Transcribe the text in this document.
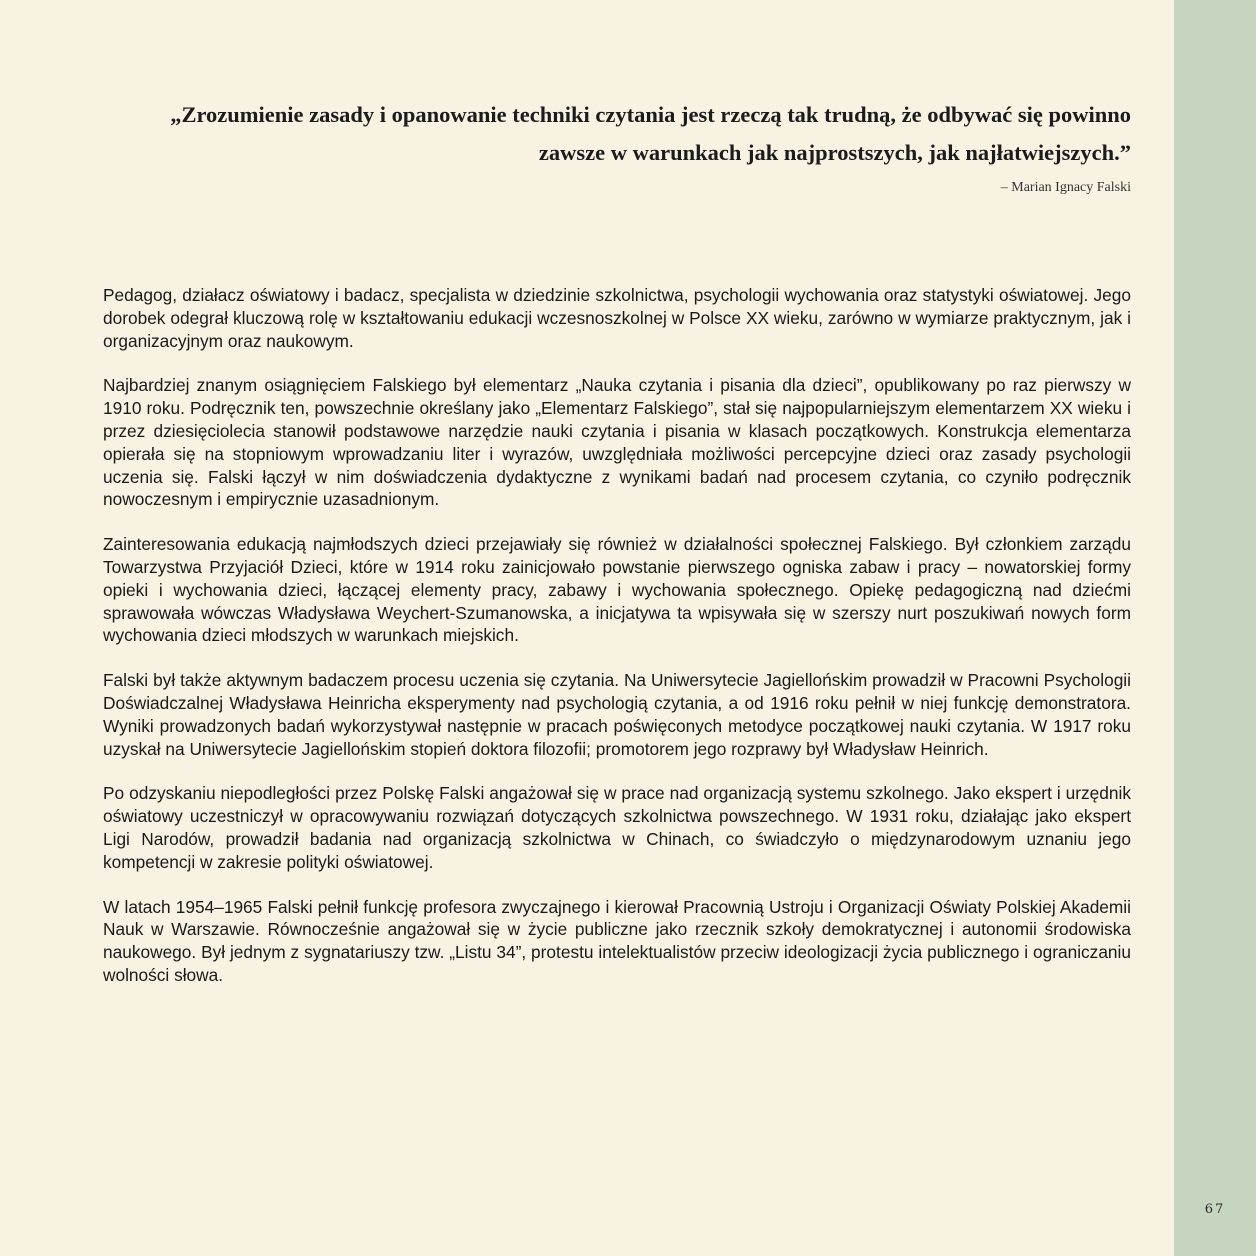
„Zrozumienie zasady i opanowanie techniki czytania jest rzeczą tak trudną, że odbywać się powinno zawsze w warunkach jak najprostszych, jak najłatwiejszych.”

– Marian Ignacy Falski

Pedagog, działacz oświatowy i badacz, specjalista w dziedzinie szkolnictwa, psychologii wychowania oraz statystyki oświatowej. Jego dorobek odegrał kluczową rolę w kształtowaniu edukacji wczesnoszkolnej w Polsce XX wieku, zarówno w wymiarze praktycznym, jak i organizacyjnym oraz naukowym.

Najbardziej znanym osiągnięciem Falskiego był elementarz „Nauka czytania i pisania dla dzieci”, opublikowany po raz pierwszy w 1910 roku. Podręcznik ten, powszechnie określany jako „Elementarz Falskiego”, stał się najpopularniejszym elementarzem XX wieku i przez dziesięciolecia stanowił podstawowe narzędzie nauki czytania i pisania w klasach początkowych. Konstrukcja elementarza opierała się na stopniowym wprowadzaniu liter i wyrazów, uwzględniała możliwości percepcyjne dzieci oraz zasady psychologii uczenia się. Falski łączył w nim doświadczenia dydaktyczne z wynikami badań nad procesem czytania, co czyniło podręcznik nowoczesnym i empirycznie uzasadnionym.

Zainteresowania edukacją najmłodszych dzieci przejawiały się również w działalności społecznej Falskiego. Był członkiem zarządu Towarzystwa Przyjaciół Dzieci, które w 1914 roku zainicjowało powstanie pierwszego ogniska zabaw i pracy – nowatorskiej formy opieki i wychowania dzieci, łączącej elementy pracy, zabawy i wychowania społecznego. Opiekę pedagogiczną nad dziećmi sprawowała wówczas Władysława Weychert-Szumanowska, a inicjatywa ta wpisywała się w szerszy nurt poszukiwań nowych form wychowania dzieci młodszych w warunkach miejskich.

Falski był także aktywnym badaczem procesu uczenia się czytania. Na Uniwersytecie Jagiellońskim prowadził w Pracowni Psychologii Doświadczalnej Władysława Heinricha eksperymenty nad psychologią czytania, a od 1916 roku pełnił w niej funkcję demonstratora. Wyniki prowadzonych badań wykorzystywał następnie w pracach poświęconych metodyce początkowej nauki czytania. W 1917 roku uzyskał na Uniwersytecie Jagiellońskim stopień doktora filozofii; promotorem jego rozprawy był Władysław Heinrich.

Po odzyskaniu niepodległości przez Polskę Falski angażował się w prace nad organizacją systemu szkolnego. Jako ekspert i urzędnik oświatowy uczestniczył w opracowywaniu rozwiązań dotyczących szkolnictwa powszechnego. W 1931 roku, działając jako ekspert Ligi Narodów, prowadził badania nad organizacją szkolnictwa w Chinach, co świadczyło o międzynarodowym uznaniu jego kompetencji w zakresie polityki oświatowej.

W latach 1954–1965 Falski pełnił funkcję profesora zwyczajnego i kierował Pracownią Ustroju i Organizacji Oświaty Polskiej Akademii Nauk w Warszawie. Równocześnie angażował się w życie publiczne jako rzecznik szkoły demokratycznej i autonomii środowiska naukowego. Był jednym z sygnatariuszy tzw. „Listu 34”, protestu intelektualistów przeciw ideologizacji życia publicznego i ograniczaniu wolności słowa.

67
